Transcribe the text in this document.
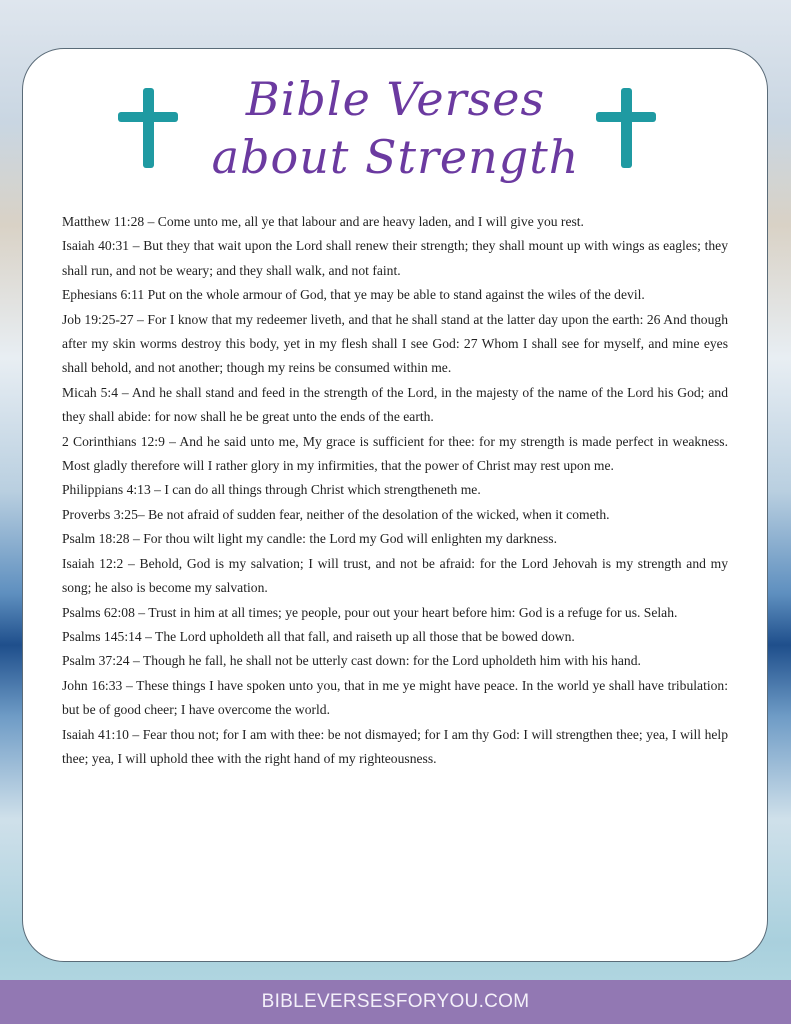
Bible Verses
about Strength

Matthew 11:28 – Come unto me, all ye that labour and are heavy laden, and I will give you rest.

Isaiah 40:31 – But they that wait upon the Lord shall renew their strength; they shall mount up with wings as eagles; they shall run, and not be weary; and they shall walk, and not faint.

Ephesians 6:11 Put on the whole armour of God, that ye may be able to stand against the wiles of the devil.

Job 19:25-27 – For I know that my redeemer liveth, and that he shall stand at the latter day upon the earth: 26 And though after my skin worms destroy this body, yet in my flesh shall I see God: 27 Whom I shall see for myself, and mine eyes shall behold, and not another; though my reins be consumed within me.

Micah 5:4 – And he shall stand and feed in the strength of the Lord, in the majesty of the name of the Lord his God; and they shall abide: for now shall he be great unto the ends of the earth.

2 Corinthians 12:9 – And he said unto me, My grace is sufficient for thee: for my strength is made perfect in weakness. Most gladly therefore will I rather glory in my infirmities, that the power of Christ may rest upon me.

Philippians 4:13 – I can do all things through Christ which strengtheneth me.

Proverbs 3:25– Be not afraid of sudden fear, neither of the desolation of the wicked, when it cometh.

Psalm 18:28 – For thou wilt light my candle: the Lord my God will enlighten my darkness.

Isaiah 12:2 – Behold, God is my salvation; I will trust, and not be afraid: for the Lord Jehovah is my strength and my song; he also is become my salvation.

Psalms 62:08 – Trust in him at all times; ye people, pour out your heart before him: God is a refuge for us. Selah.

Psalms 145:14 – The Lord upholdeth all that fall, and raiseth up all those that be bowed down.

Psalm 37:24 – Though he fall, he shall not be utterly cast down: for the Lord upholdeth him with his hand.

John 16:33 – These things I have spoken unto you, that in me ye might have peace. In the world ye shall have tribulation: but be of good cheer; I have overcome the world.

Isaiah 41:10 – Fear thou not; for I am with thee: be not dismayed; for I am thy God: I will strengthen thee; yea, I will help thee; yea, I will uphold thee with the right hand of my righteousness.

BIBLEVERSESFORYOU.COM
